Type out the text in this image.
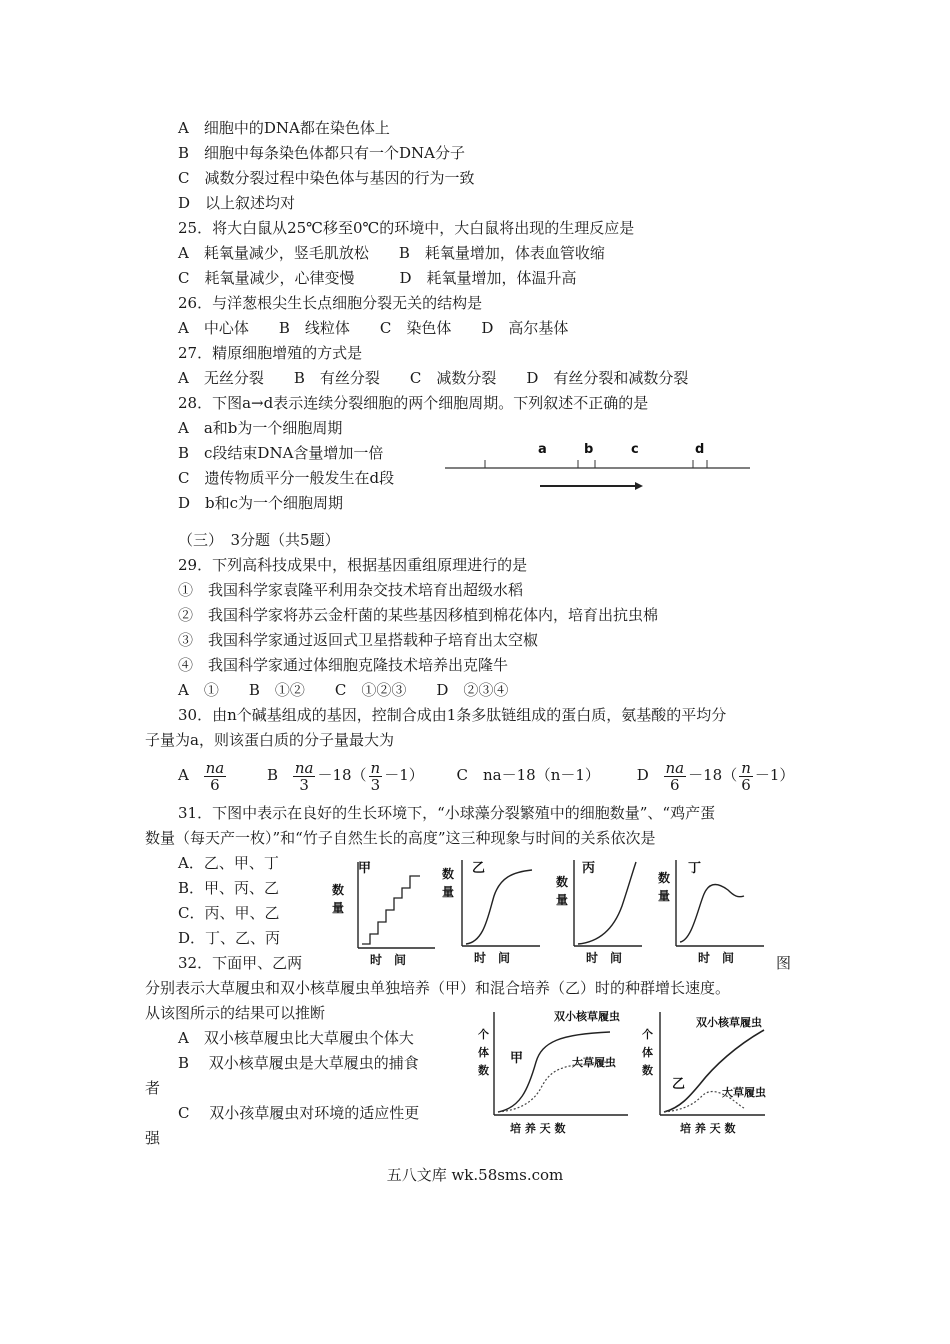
A　细胞中的DNA都在染色体上
B　细胞中每条染色体都只有一个DNA分子
C　减数分裂过程中染色体与基因的行为一致
D　以上叙述均对
25．将大白鼠从25℃移至0℃的环境中，大白鼠将出现的生理反应是
A　耗氧量减少，竖毛肌放松　　B　耗氧量增加，体表血管收缩
C　耗氧量减少，心律变慢　　　D　耗氧量增加，体温升高
26．与洋葱根尖生长点细胞分裂无关的结构是
A　中心体　　B　线粒体　　C　染色体　　D　高尔基体
27．精原细胞增殖的方式是
A　无丝分裂　　B　有丝分裂　　C　减数分裂　　D　有丝分裂和减数分裂
28．下图a→d表示连续分裂细胞的两个细胞周期。下列叙述不正确的是
A　a和b为一个细胞周期
B　c段结束DNA含量增加一倍
C　遗传物质平分一般发生在d段
D　b和c为一个细胞周期
a	b	c	d
（三）　3分题（共5题）
29．下列高科技成果中，根据基因重组原理进行的是
①　我国科学家袁隆平利用杂交技术培育出超级水稻
②　我国科学家将苏云金杆菌的某些基因移植到棉花体内，培育出抗虫棉
③　我国科学家通过返回式卫星搭载种子培育出太空椒
④　我国科学家通过体细胞克隆技术培养出克隆牛
A　①　　B　①②　　C　①②③　　D　②③④
30．由n个碱基组成的基因，控制合成由1条多肽链组成的蛋白质，氨基酸的平均分
子量为a，则该蛋白质的分子量最大为
A $\frac{na}{6}$	B $\frac{na}{3} -18( \frac{n}{3} -1)$ C　na－18（n－1） D $\frac{na}{6} -18( \frac{n}{6} -1)$
31．下图中表示在良好的生长环境下，“小球藻分裂繁殖中的细胞数量”、“鸡产蛋
数量（每天产一枚）”和“竹子自然生长的高度”这三种现象与时间的关系依次是
A．乙、甲、丁
B．甲、丙、乙
C．丙、甲、乙
D．丁、乙、丙
甲
数
量
时　间
乙
数
量
时　间
丙
数
量
时　间
丁
数
量
时　间
32．下面甲、乙两	图
分别表示大草履虫和双小核草履虫单独培养（甲）和混合培养（乙）时的种群增长速度。
从该图所示的结果可以推断
A　双小核草履虫比大草履虫个体大
B　 双小核草履虫是大草履虫的捕食
者
C　 双小孩草履虫对环境的适应性更
强
个
体
数
甲
双小核草履虫
大草履虫
培 养 天 数
个
体
数
乙
双小核草履虫
大草履虫
培 养 天 数
五八文库 wk.58sms.com
